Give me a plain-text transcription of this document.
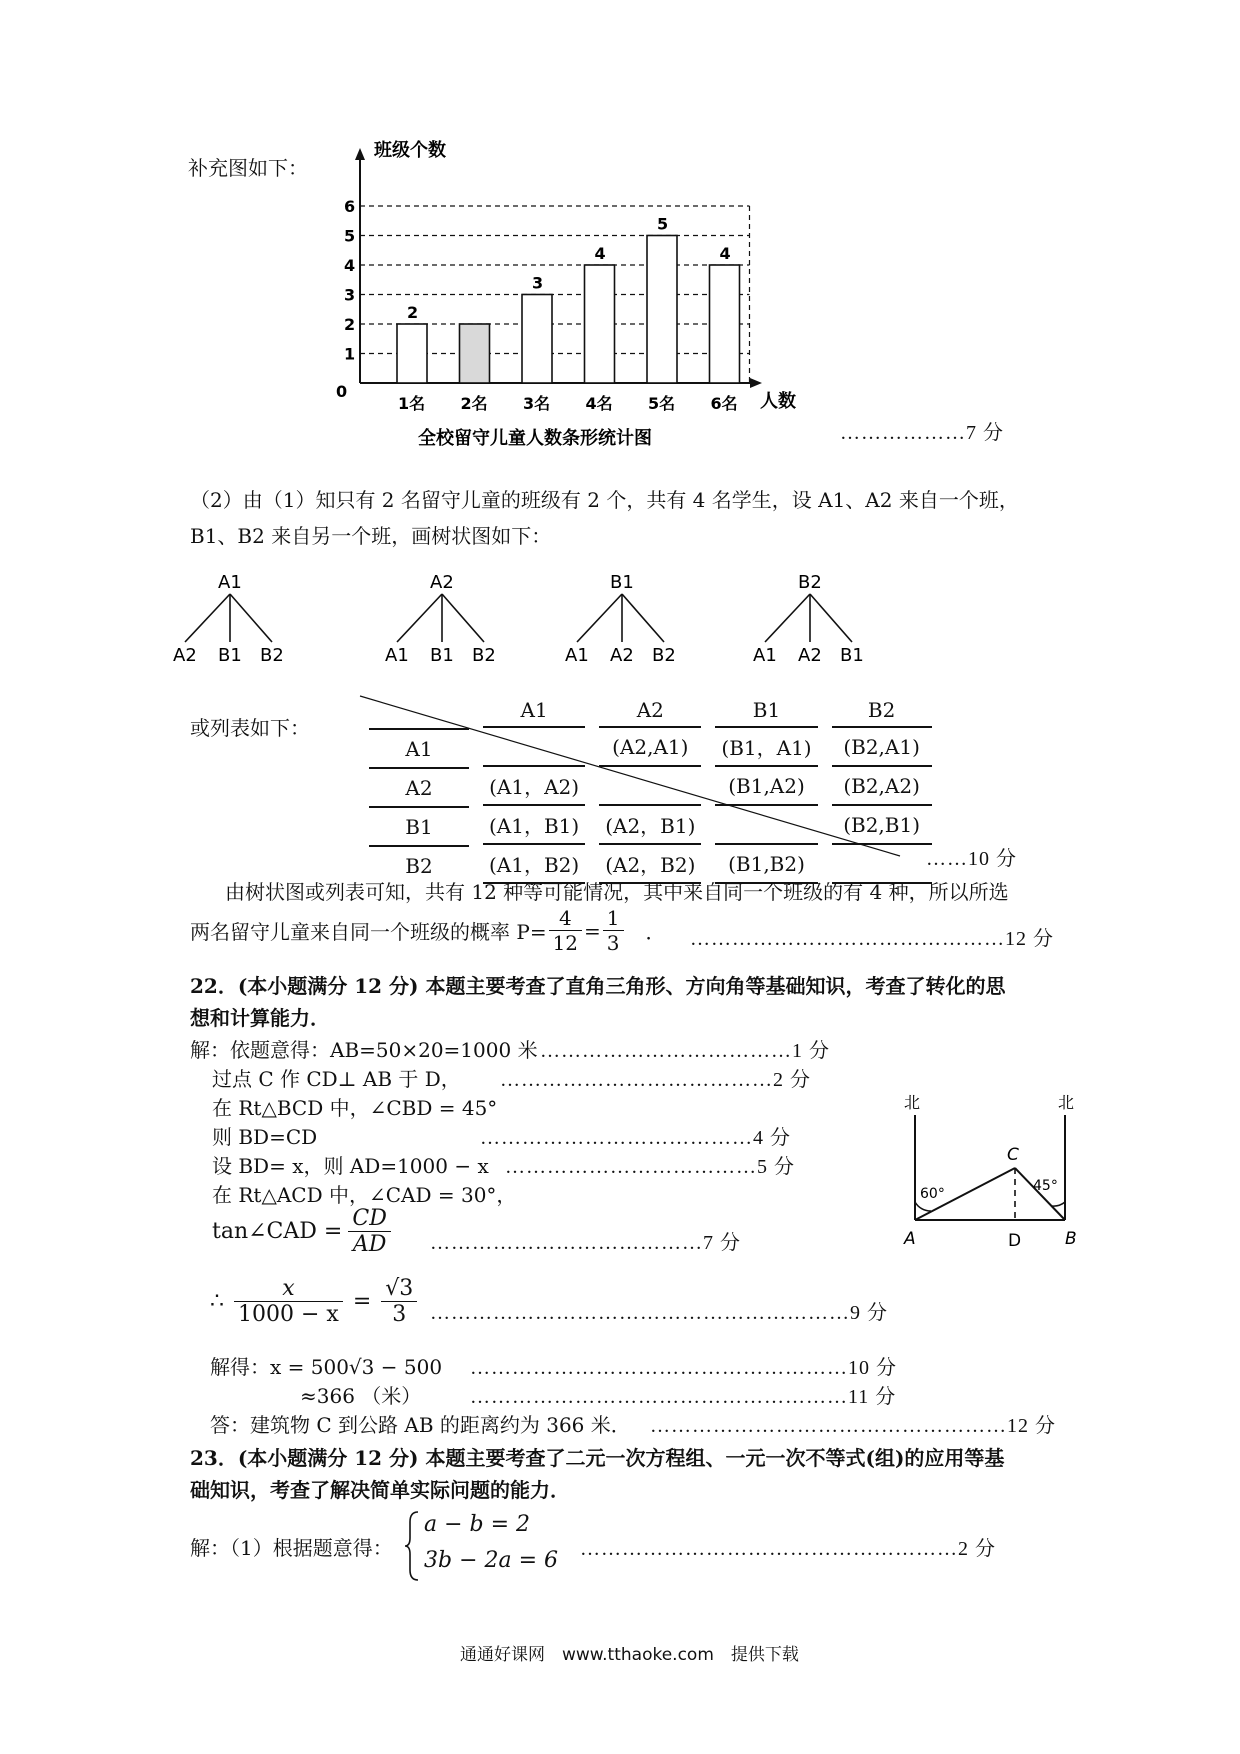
补充图如下：
班级个数
0
1
2
3
4
5
6
2
1名 2名
3
3名
4
4名
5
5名
4
6名 人数
全校留守儿童人数条形统计图	………………7 分
（2）由（1）知只有 2 名留守儿童的班级有 2 个，共有 4 名学生，设 A1、A2 来自一个班，
B1、B2 来自另一个班，画树状图如下：
A1
A2 B1 B2
A2
A1 B1 B2
B1
A1 A2 B2
B2
A1 A2 B1
或列表如下：
	A1	A2	B1	B2
A1		(A2,A1)	(B1，A1)	(B2,A1)
A2	(A1，A2)		(B1,A2)	(B2,A2)
B1	(A1，B1)	(A2，B1)		(B2,B1)
B2	(A1，B2)	(A2，B2)	(B1,B2)		……10 分
由树状图或列表可知，共有 12 种等可能情况，其中来自同一个班级的有 4 种，所以所选
两名留守儿童来自同一个班级的概率 $P= \frac{4}{12} = \frac{1}{3}$ ． ………………………………………12 分
22．(本小题满分 12 分) 本题主要考查了直角三角形、方向角等基础知识，考查了转化的思
想和计算能力．
解：依题意得：AB=50×20=1000 米 ………………………………1 分
过点 C 作 CD⊥ AB 于 D， …………………………………2 分
在 Rt△BCD 中，∠CBD = 45°
则 BD=CD	…………………………………4 分
设 BD= x，则 AD=1000 − x ………………………………5 分
在 Rt△ACD 中，∠CAD = 30°，
tan∠CAD = $\frac{CD}{AD}$ …………………………………7 分
∴ $\frac{x}{1000 - x} = \frac{√3}{3}$ ……………………………………………………9 分
解得：x = 500√3 − 500 ………………………………………………10 分
≈366 （米） ………………………………………………11 分
答：建筑物 C 到公路 AB 的距离约为 366 米． ……………………………………………12 分
北	北
60°	45°
A	B
C
D
23．(本小题满分 12 分) 本题主要考查了二元一次方程组、一元一次不等式(组)的应用等基
础知识，考查了解决简单实际问题的能力．
解：（1）根据题意得：
a − b = 2
3b − 2a = 6 ………………………………………………2 分
通通好课网　www.tthaoke.com　提供下载
